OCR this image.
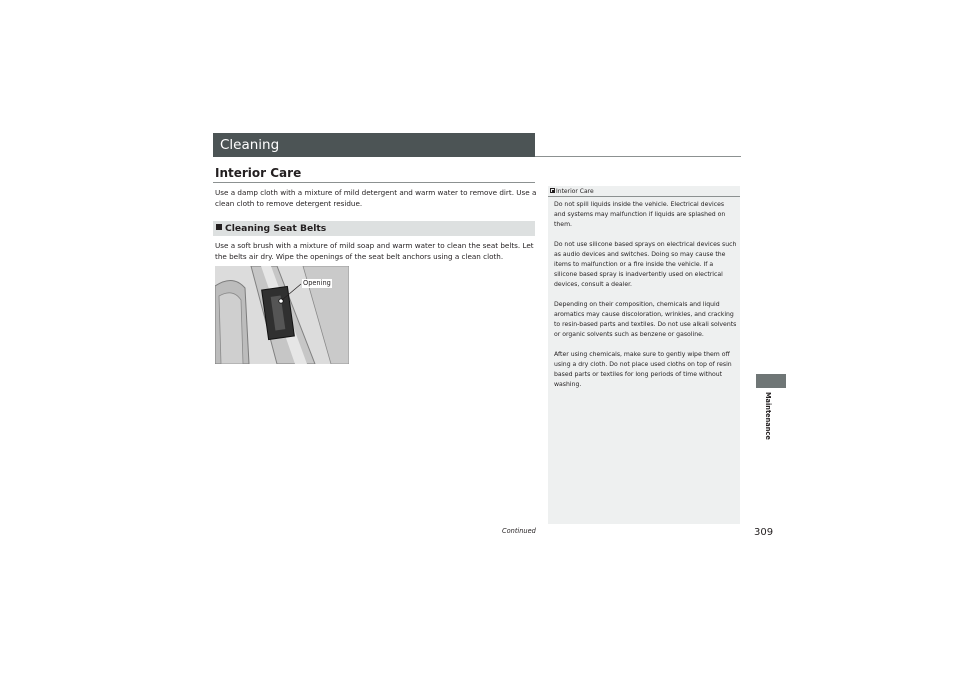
Cleaning
Interior Care
Use a damp cloth with a mixture of mild detergent and warm water to remove dirt. Use a clean cloth to remove detergent residue.
Cleaning Seat Belts
Use a soft brush with a mixture of mild soap and warm water to clean the seat belts. Let the belts air dry. Wipe the openings of the seat belt anchors using a clean cloth.
Opening
Interior Care

Do not spill liquids inside the vehicle. Electrical devices and systems may malfunction if liquids are splashed on them.

Do not use silicone based sprays on electrical devices such as audio devices and switches. Doing so may cause the items to malfunction or a fire inside the vehicle. If a silicone based spray is inadvertently used on electrical devices, consult a dealer.

Depending on their composition, chemicals and liquid aromatics may cause discoloration, wrinkles, and cracking to resin-based parts and textiles. Do not use alkali solvents or organic solvents such as benzene or gasoline.

After using chemicals, make sure to gently wipe them off using a dry cloth. Do not place used cloths on top of resin based parts or textiles for long periods of time without washing.

Maintenance
Continued	309
